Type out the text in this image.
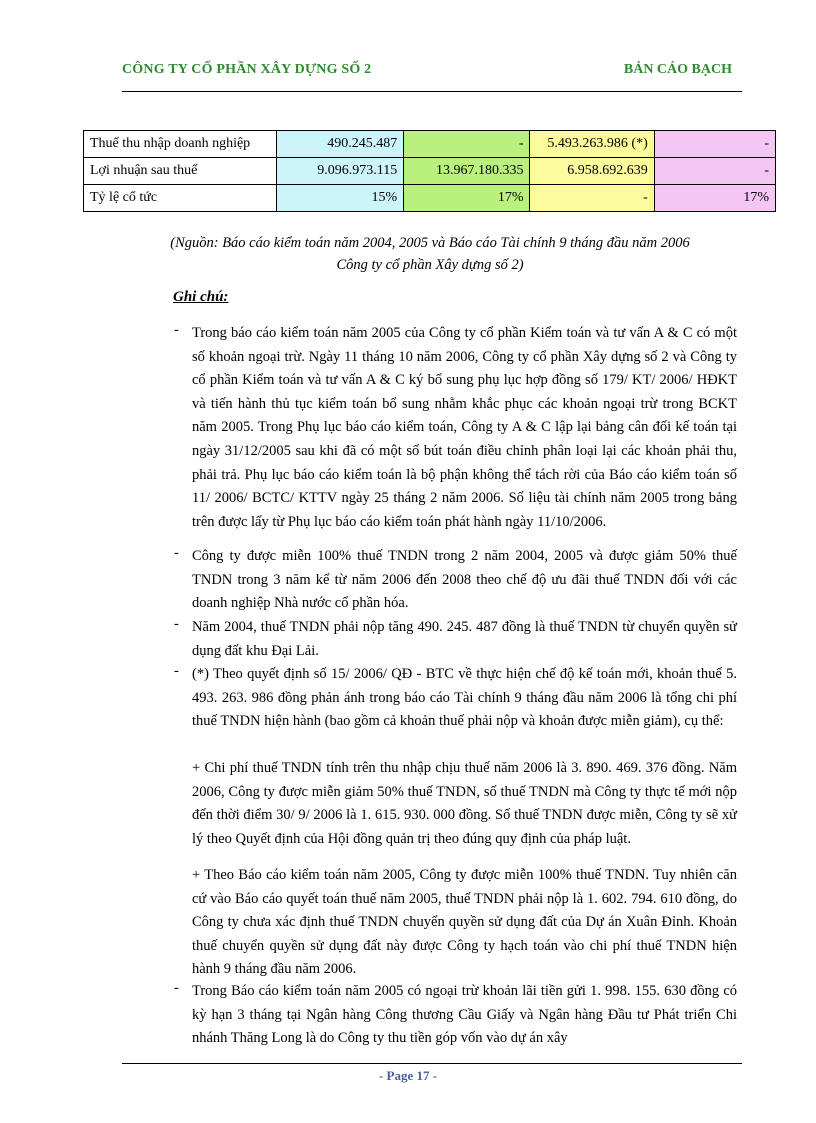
CÔNG TY CỔ PHẦN XÂY DỰNG SỐ 2	BẢN CÁO BẠCH
Thuế thu nhập doanh nghiệp	490.245.487	-	5.493.263.986 (*)	-
Lợi nhuận sau thuế	9.096.973.115	13.967.180.335	6.958.692.639	-
Tỷ lệ cổ tức	15%	17%	-	17%
(Nguồn: Báo cáo kiểm toán năm 2004, 2005 và Báo cáo Tài chính 9 tháng đầu năm 2006
Công ty cổ phần Xây dựng số 2)
Ghi chú:
- Trong báo cáo kiểm toán năm 2005 của Công ty cổ phần Kiểm toán và tư vấn A & C có một số khoản ngoại trừ. Ngày 11 tháng 10 năm 2006, Công ty cổ phần Xây dựng số 2 và Công ty cổ phần Kiểm toán và tư vấn A & C ký bổ sung phụ lục hợp đồng số 179/ KT/ 2006/ HĐKT và tiến hành thủ tục kiểm toán bổ sung nhằm khắc phục các khoản ngoại trừ trong BCKT năm 2005. Trong Phụ lục báo cáo kiểm toán, Công ty A & C lập lại bảng cân đối kế toán tại ngày 31/12/2005 sau khi đã có một số bút toán điều chỉnh phân loại lại các khoản phải thu, phải trả. Phụ lục báo cáo kiểm toán là bộ phận không thể tách rời của Báo cáo kiểm toán số 11/ 2006/ BCTC/ KTTV ngày 25 tháng 2 năm 2006. Số liệu tài chính năm 2005 trong bảng trên được lấy từ Phụ lục báo cáo kiểm toán phát hành ngày 11/10/2006.
- Công ty được miễn 100% thuế TNDN trong 2 năm 2004, 2005 và được giảm 50% thuế TNDN trong 3 năm kể từ năm 2006 đến 2008 theo chế độ ưu đãi thuế TNDN đối với các doanh nghiệp Nhà nước cổ phần hóa.
- Năm 2004, thuế TNDN phải nộp tăng 490. 245. 487 đồng là thuế TNDN từ chuyển quyền sử dụng đất khu Đại Lải.
- (*) Theo quyết định số 15/ 2006/ QĐ - BTC về thực hiện chế độ kế toán mới, khoản thuế 5. 493. 263. 986 đồng phản ánh trong báo cáo Tài chính 9 tháng đầu năm 2006 là tổng chi phí thuế TNDN hiện hành (bao gồm cả khoản thuế phải nộp và khoản được miễn giảm), cụ thể:
+ Chi phí thuế TNDN tính trên thu nhập chịu thuế năm 2006 là 3. 890. 469. 376 đồng. Năm 2006, Công ty được miễn giảm 50% thuế TNDN, số thuế TNDN mà Công ty thực tế mới nộp đến thời điểm 30/ 9/ 2006 là 1. 615. 930. 000 đồng. Số thuế TNDN được miễn, Công ty sẽ xử lý theo Quyết định của Hội đồng quản trị theo đúng quy định của pháp luật.
+ Theo Báo cáo kiểm toán năm 2005, Công ty được miễn 100% thuế TNDN. Tuy nhiên căn cứ vào Báo cáo quyết toán thuế năm 2005, thuế TNDN phải nộp là 1. 602. 794. 610 đồng, do Công ty chưa xác định thuế TNDN chuyển quyền sử dụng đất của Dự án Xuân Đỉnh. Khoản thuế chuyển quyền sử dụng đất này được Công ty hạch toán vào chi phí thuế TNDN hiện hành 9 tháng đầu năm 2006.
- Trong Báo cáo kiểm toán năm 2005 có ngoại trừ khoản lãi tiền gửi 1. 998. 155. 630 đồng có kỳ hạn 3 tháng tại Ngân hàng Công thương Cầu Giấy và Ngân hàng Đầu tư Phát triển Chi nhánh Thăng Long là do Công ty thu tiền góp vốn vào dự án xây
- Page 17 -
